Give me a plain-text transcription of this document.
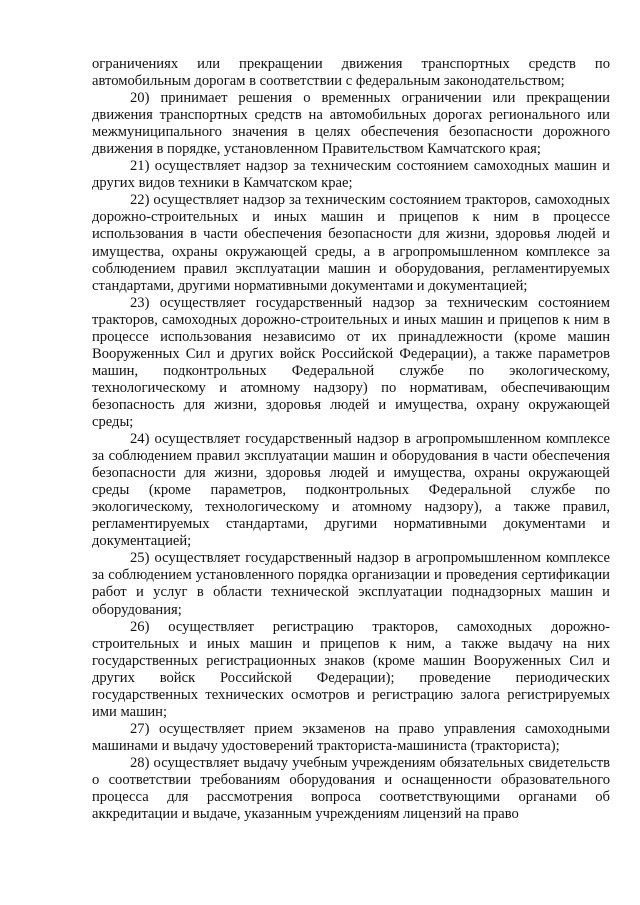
ограничениях или прекращении движения транспортных средств по автомобильным дорогам в соответствии с федеральным законодательством;

20) принимает решения о временных ограничении или прекращении движения транспортных средств на автомобильных дорогах регионального или межмуниципального значения в целях обеспечения безопасности дорожного движения в порядке, установленном Правительством Камчатского края;

21) осуществляет надзор за техническим состоянием самоходных машин и других видов техники в Камчатском крае;

22) осуществляет надзор за техническим состоянием тракторов, самоходных дорожно-строительных и иных машин и прицепов к ним в процессе использования в части обеспечения безопасности для жизни, здоровья людей и имущества, охраны окружающей среды, а в агропромышленном комплексе за соблюдением правил эксплуатации машин и оборудования, регламентируемых стандартами, другими нормативными документами и документацией;

23) осуществляет государственный надзор за техническим состоянием тракторов, самоходных дорожно-строительных и иных машин и прицепов к ним в процессе использования независимо от их принадлежности (кроме машин Вооруженных Сил и других войск Российской Федерации), а также параметров машин, подконтрольных Федеральной службе по экологическому, технологическому и атомному надзору) по нормативам, обеспечивающим безопасность для жизни, здоровья людей и имущества, охрану окружающей среды;

24) осуществляет государственный надзор в агропромышленном комплексе за соблюдением правил эксплуатации машин и оборудования в части обеспечения безопасности для жизни, здоровья людей и имущества, охраны окружающей среды (кроме параметров, подконтрольных Федеральной службе по экологическому, технологическому и атомному надзору), а также правил, регламентируемых стандартами, другими нормативными документами и документацией;

25) осуществляет государственный надзор в агропромышленном комплексе за соблюдением установленного порядка организации и проведения сертификации работ и услуг в области технической эксплуатации поднадзорных машин и оборудования;

26) осуществляет регистрацию тракторов, самоходных дорожно-строительных и иных машин и прицепов к ним, а также выдачу на них государственных регистрационных знаков (кроме машин Вооруженных Сил и других войск Российской Федерации); проведение периодических государственных технических осмотров и регистрацию залога регистрируемых ими машин;

27) осуществляет прием экзаменов на право управления самоходными машинами и выдачу удостоверений тракториста-машиниста (тракториста);

28) осуществляет выдачу учебным учреждениям обязательных свидетельств о соответствии требованиям оборудования и оснащенности образовательного процесса для рассмотрения вопроса соответствующими органами об аккредитации и выдаче, указанным учреждениям лицензий на право
